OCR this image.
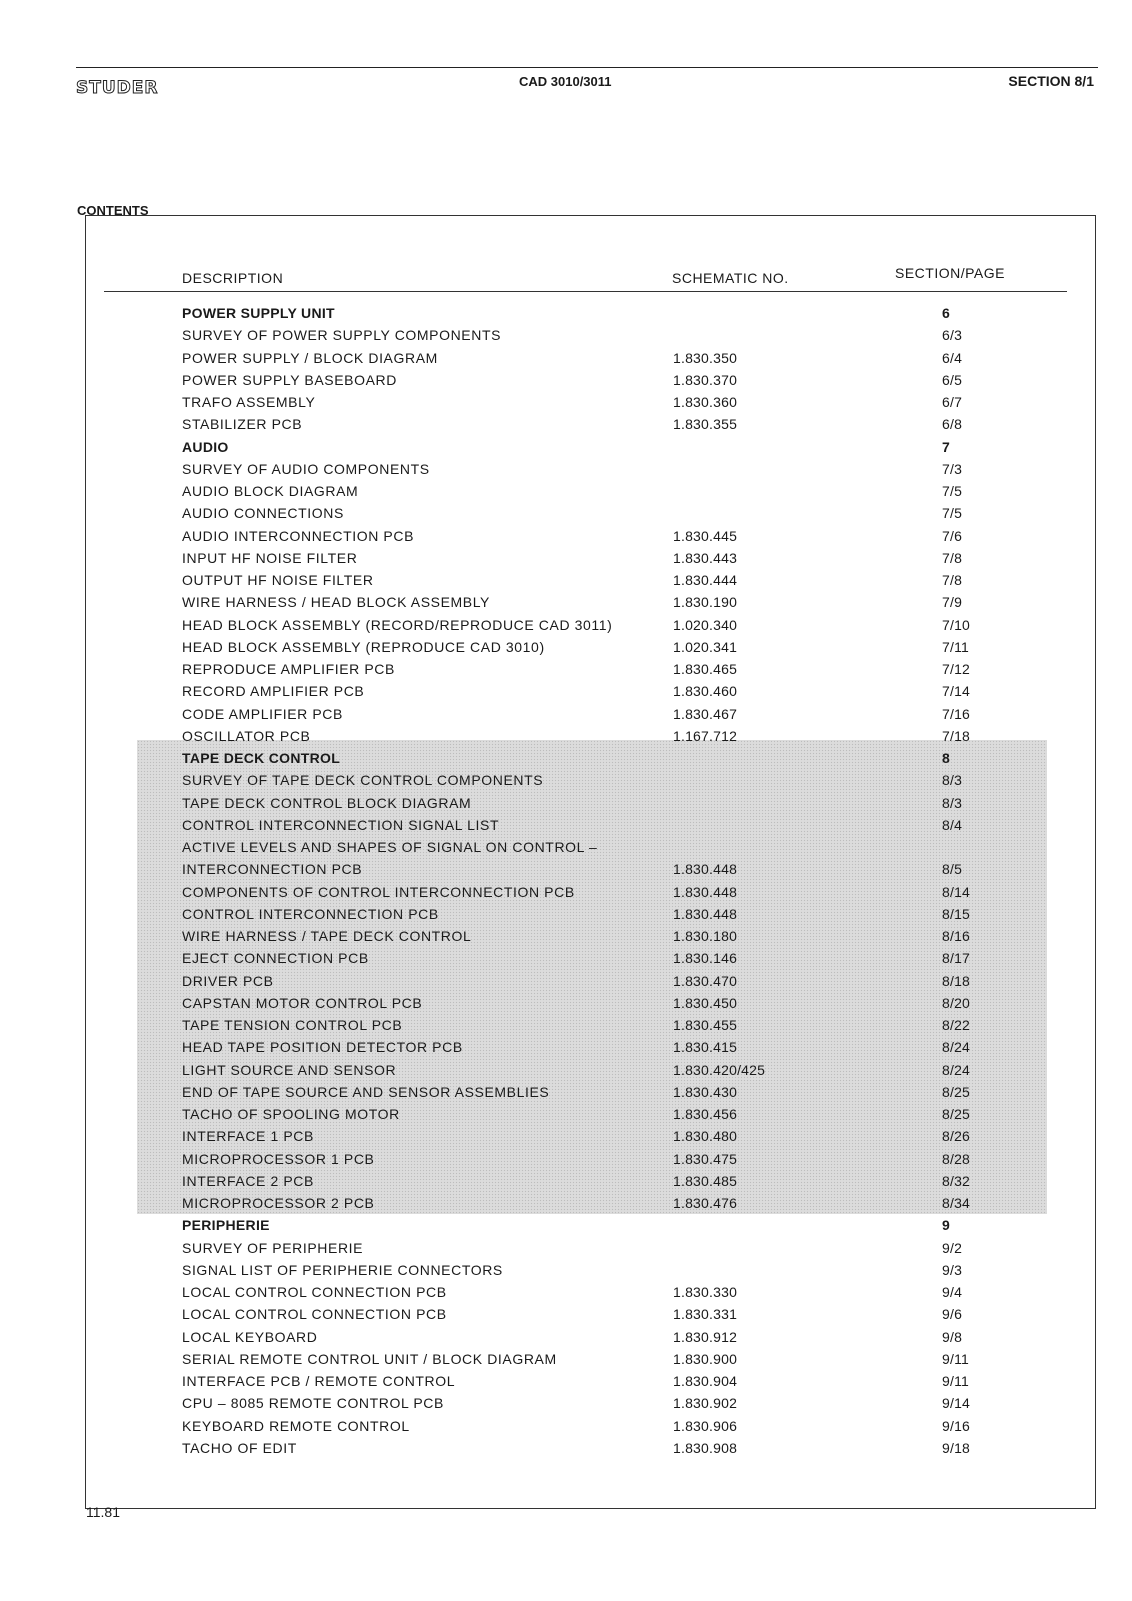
STUDER	CAD 3010/3011	SECTION 8/1
CONTENTS
DESCRIPTION	SCHEMATIC NO.	SECTION/PAGE
POWER SUPPLY UNIT	6
SURVEY OF POWER SUPPLY COMPONENTS	6/3
POWER SUPPLY / BLOCK DIAGRAM	1.830.350	6/4
POWER SUPPLY BASEBOARD	1.830.370	6/5
TRAFO ASSEMBLY	1.830.360	6/7
STABILIZER PCB	1.830.355	6/8
AUDIO	7
SURVEY OF AUDIO COMPONENTS	7/3
AUDIO BLOCK DIAGRAM	7/5
AUDIO CONNECTIONS	7/5
AUDIO INTERCONNECTION PCB	1.830.445	7/6
INPUT HF NOISE FILTER	1.830.443	7/8
OUTPUT HF NOISE FILTER	1.830.444	7/8
WIRE HARNESS / HEAD BLOCK ASSEMBLY	1.830.190	7/9
HEAD BLOCK ASSEMBLY (RECORD/REPRODUCE CAD 3011)	1.020.340	7/10
HEAD BLOCK ASSEMBLY (REPRODUCE CAD 3010)	1.020.341	7/11
REPRODUCE AMPLIFIER PCB	1.830.465	7/12
RECORD AMPLIFIER PCB	1.830.460	7/14
CODE AMPLIFIER PCB	1.830.467	7/16
OSCILLATOR PCB	1.167.712	7/18
TAPE DECK CONTROL	8
SURVEY OF TAPE DECK CONTROL COMPONENTS	8/3
TAPE DECK CONTROL BLOCK DIAGRAM	8/3
CONTROL INTERCONNECTION SIGNAL LIST	8/4
ACTIVE LEVELS AND SHAPES OF SIGNAL ON CONTROL –
INTERCONNECTION PCB	1.830.448	8/5
COMPONENTS OF CONTROL INTERCONNECTION PCB	1.830.448	8/14
CONTROL INTERCONNECTION PCB	1.830.448	8/15
WIRE HARNESS / TAPE DECK CONTROL	1.830.180	8/16
EJECT CONNECTION PCB	1.830.146	8/17
DRIVER PCB	1.830.470	8/18
CAPSTAN MOTOR CONTROL PCB	1.830.450	8/20
TAPE TENSION CONTROL PCB	1.830.455	8/22
HEAD TAPE POSITION DETECTOR PCB	1.830.415	8/24
LIGHT SOURCE AND SENSOR	1.830.420/425	8/24
END OF TAPE SOURCE AND SENSOR ASSEMBLIES	1.830.430	8/25
TACHO OF SPOOLING MOTOR	1.830.456	8/25
INTERFACE 1 PCB	1.830.480	8/26
MICROPROCESSOR 1 PCB	1.830.475	8/28
INTERFACE 2 PCB	1.830.485	8/32
MICROPROCESSOR 2 PCB	1.830.476	8/34
PERIPHERIE	9
SURVEY OF PERIPHERIE	9/2
SIGNAL LIST OF PERIPHERIE CONNECTORS	9/3
LOCAL CONTROL CONNECTION PCB	1.830.330	9/4
LOCAL CONTROL CONNECTION PCB	1.830.331	9/6
LOCAL KEYBOARD	1.830.912	9/8
SERIAL REMOTE CONTROL UNIT / BLOCK DIAGRAM	1.830.900	9/11
INTERFACE PCB / REMOTE CONTROL	1.830.904	9/11
CPU – 8085 REMOTE CONTROL PCB	1.830.902	9/14
KEYBOARD REMOTE CONTROL	1.830.906	9/16
TACHO OF EDIT	1.830.908	9/18
11.81
